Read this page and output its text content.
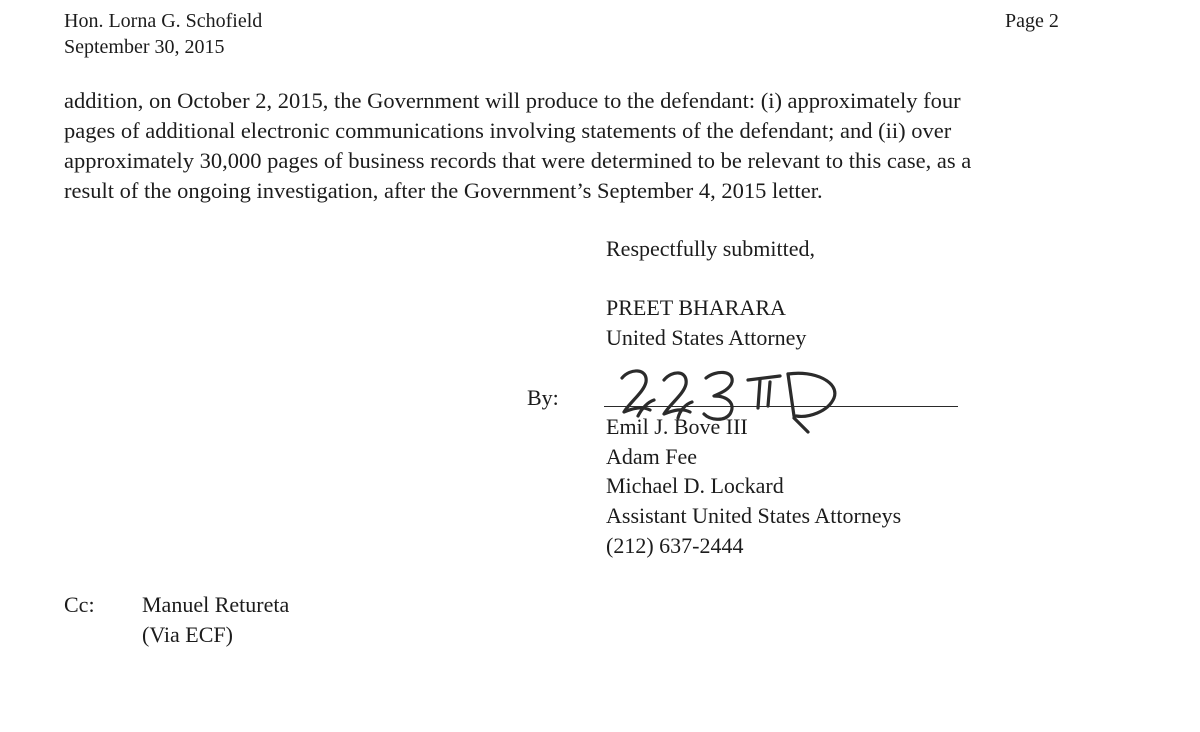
Hon. Lorna G. Schofield
September 30, 2015
Page 2
addition, on October 2, 2015, the Government will produce to the defendant: (i) approximately four
pages of additional electronic communications involving statements of the defendant; and (ii) over
approximately 30,000 pages of business records that were determined to be relevant to this case, as a
result of the ongoing investigation, after the Government’s September 4, 2015 letter.
Respectfully submitted,
PREET BHARARA
United States Attorney
By:
Emil J. Bove III
Adam Fee
Michael D. Lockard
Assistant United States Attorneys
(212) 637-2444
Cc: Manuel Retureta
(Via ECF)
